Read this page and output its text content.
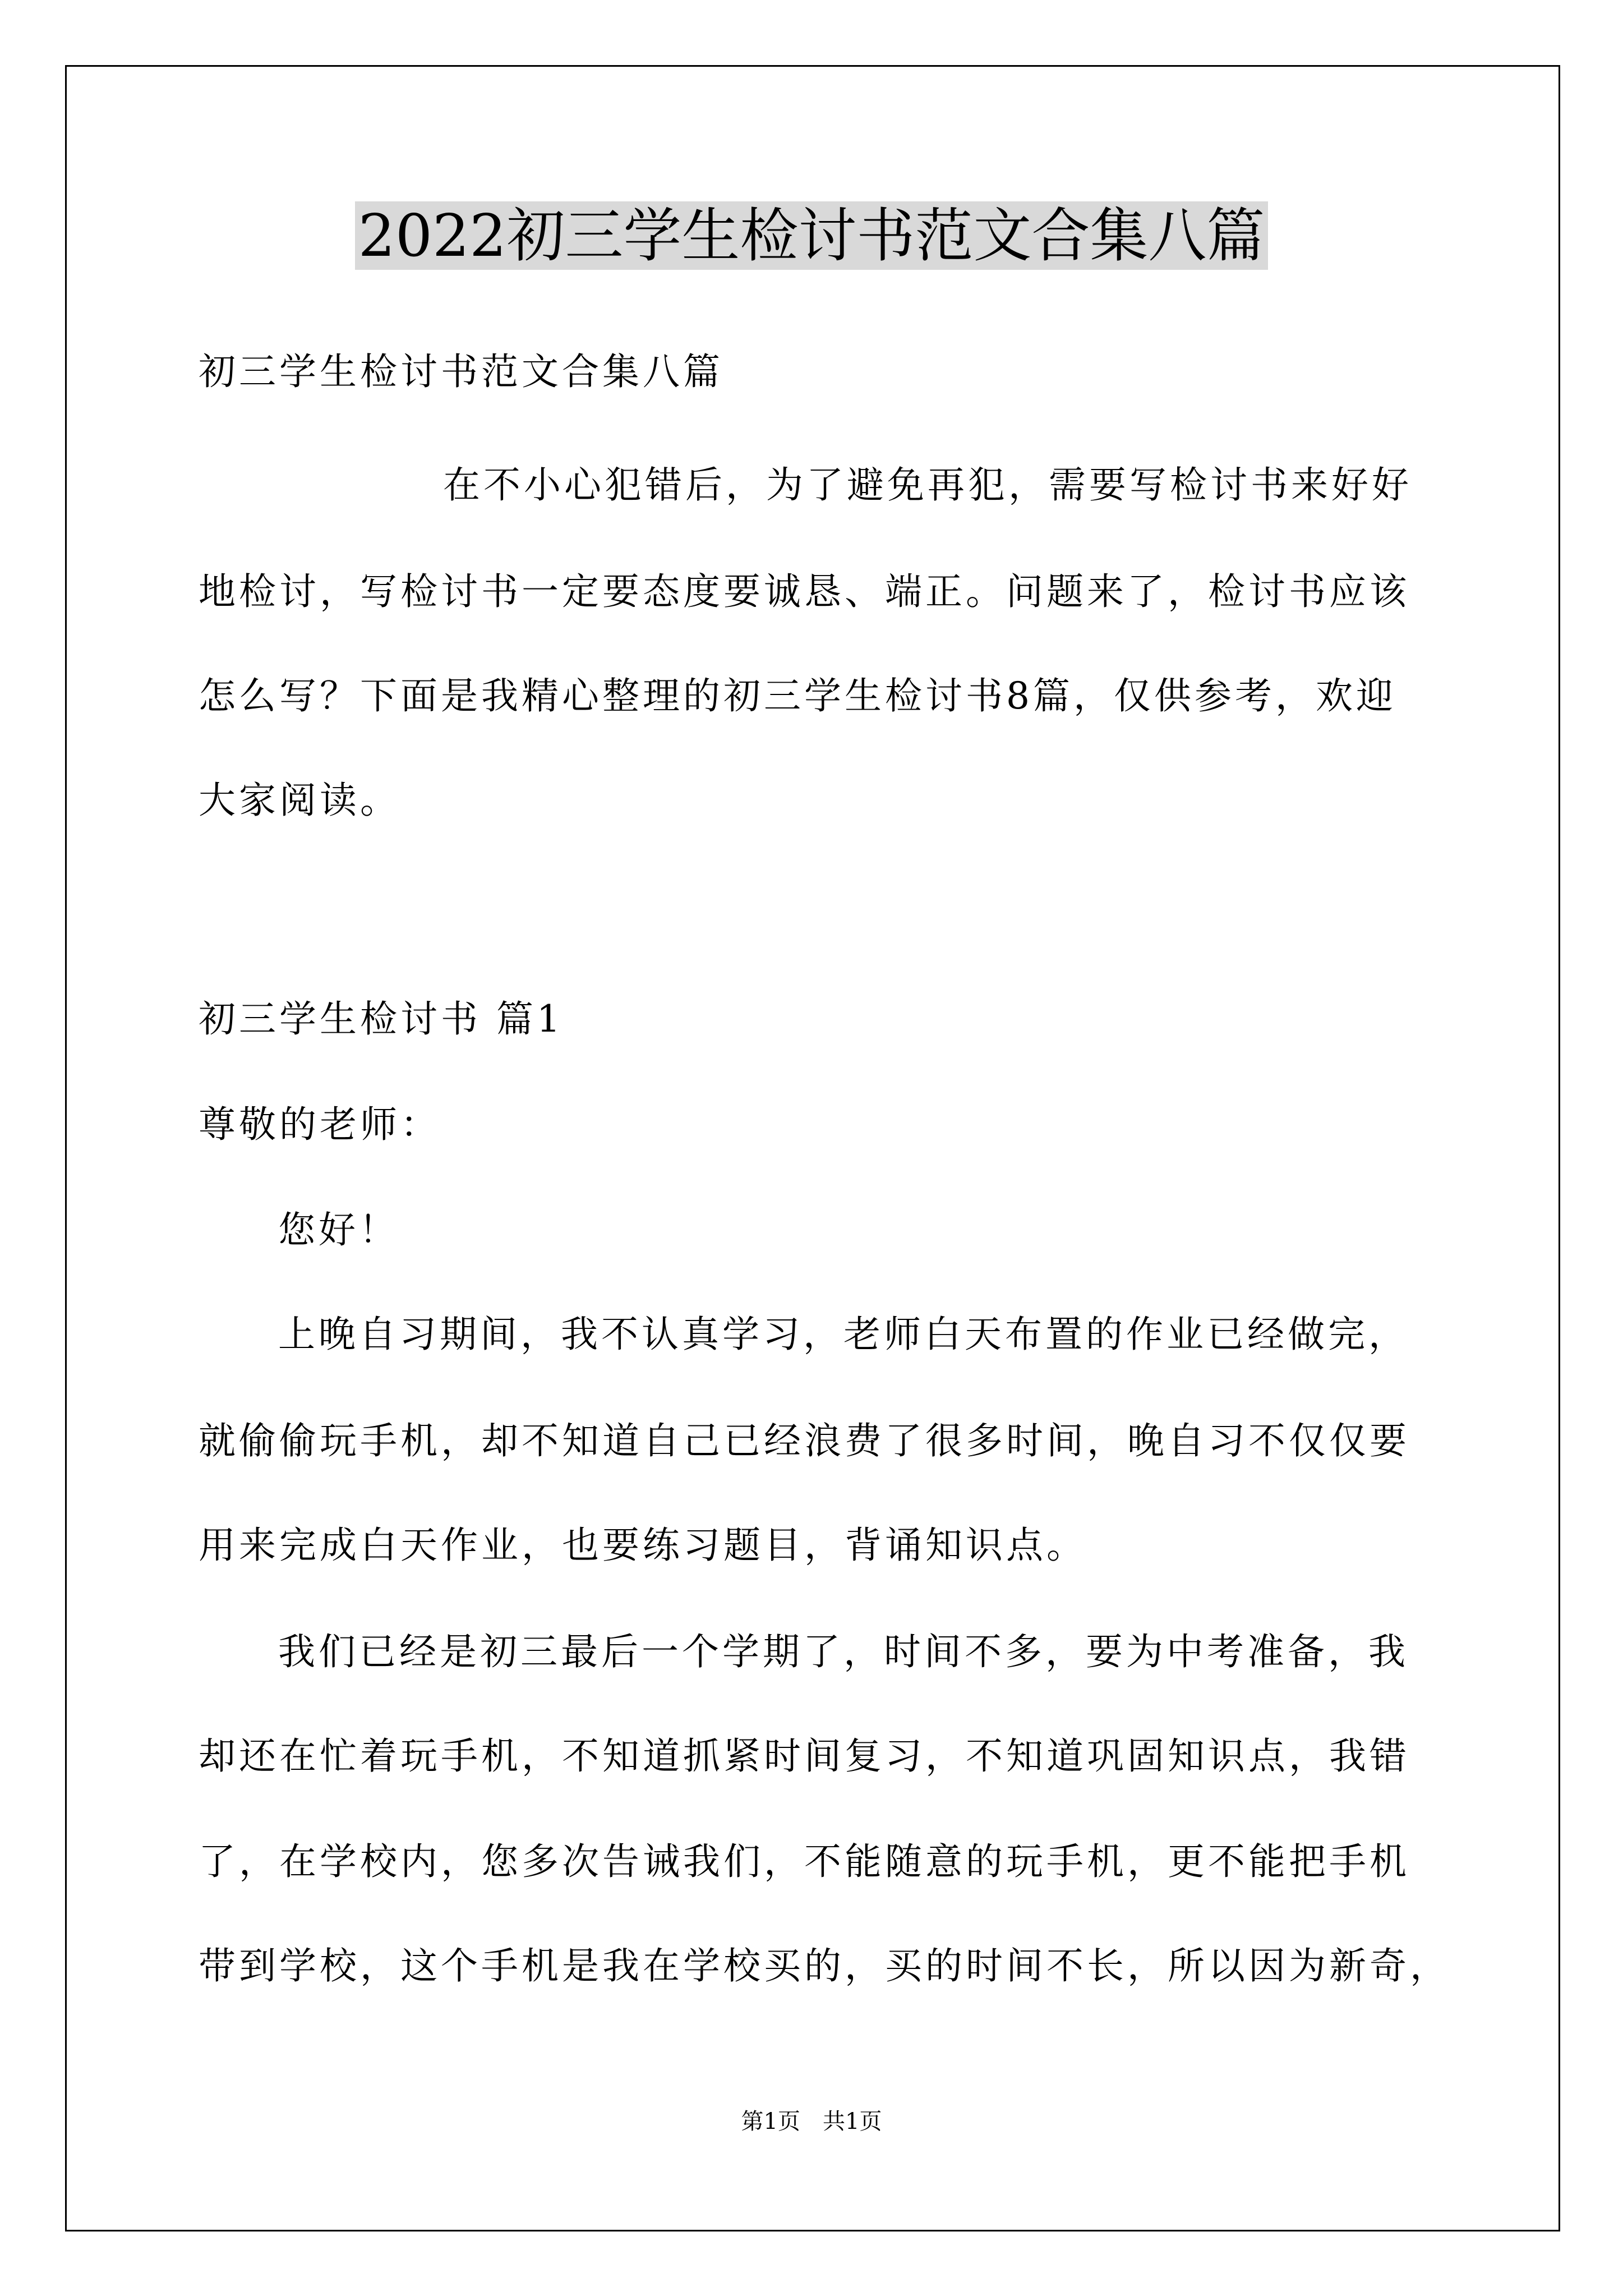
2022初三学生检讨书范文合集八篇
初三学生检讨书范文合集八篇
在不小心犯错后，为了避免再犯，需要写检讨书来好好
地检讨，写检讨书一定要态度要诚恳、端正。问题来了，检讨书应该
怎么写？下面是我精心整理的初三学生检讨书8篇，仅供参考，欢迎
大家阅读。
初三学生检讨书 篇1
尊敬的老师：
您好！
上晚自习期间，我不认真学习，老师白天布置的作业已经做完，
就偷偷玩手机，却不知道自己已经浪费了很多时间，晚自习不仅仅要
用来完成白天作业，也要练习题目，背诵知识点。
我们已经是初三最后一个学期了，时间不多，要为中考准备，我
却还在忙着玩手机，不知道抓紧时间复习，不知道巩固知识点，我错
了，在学校内，您多次告诫我们，不能随意的玩手机，更不能把手机
带到学校，这个手机是我在学校买的，买的时间不长，所以因为新奇，
第1页　共1页
